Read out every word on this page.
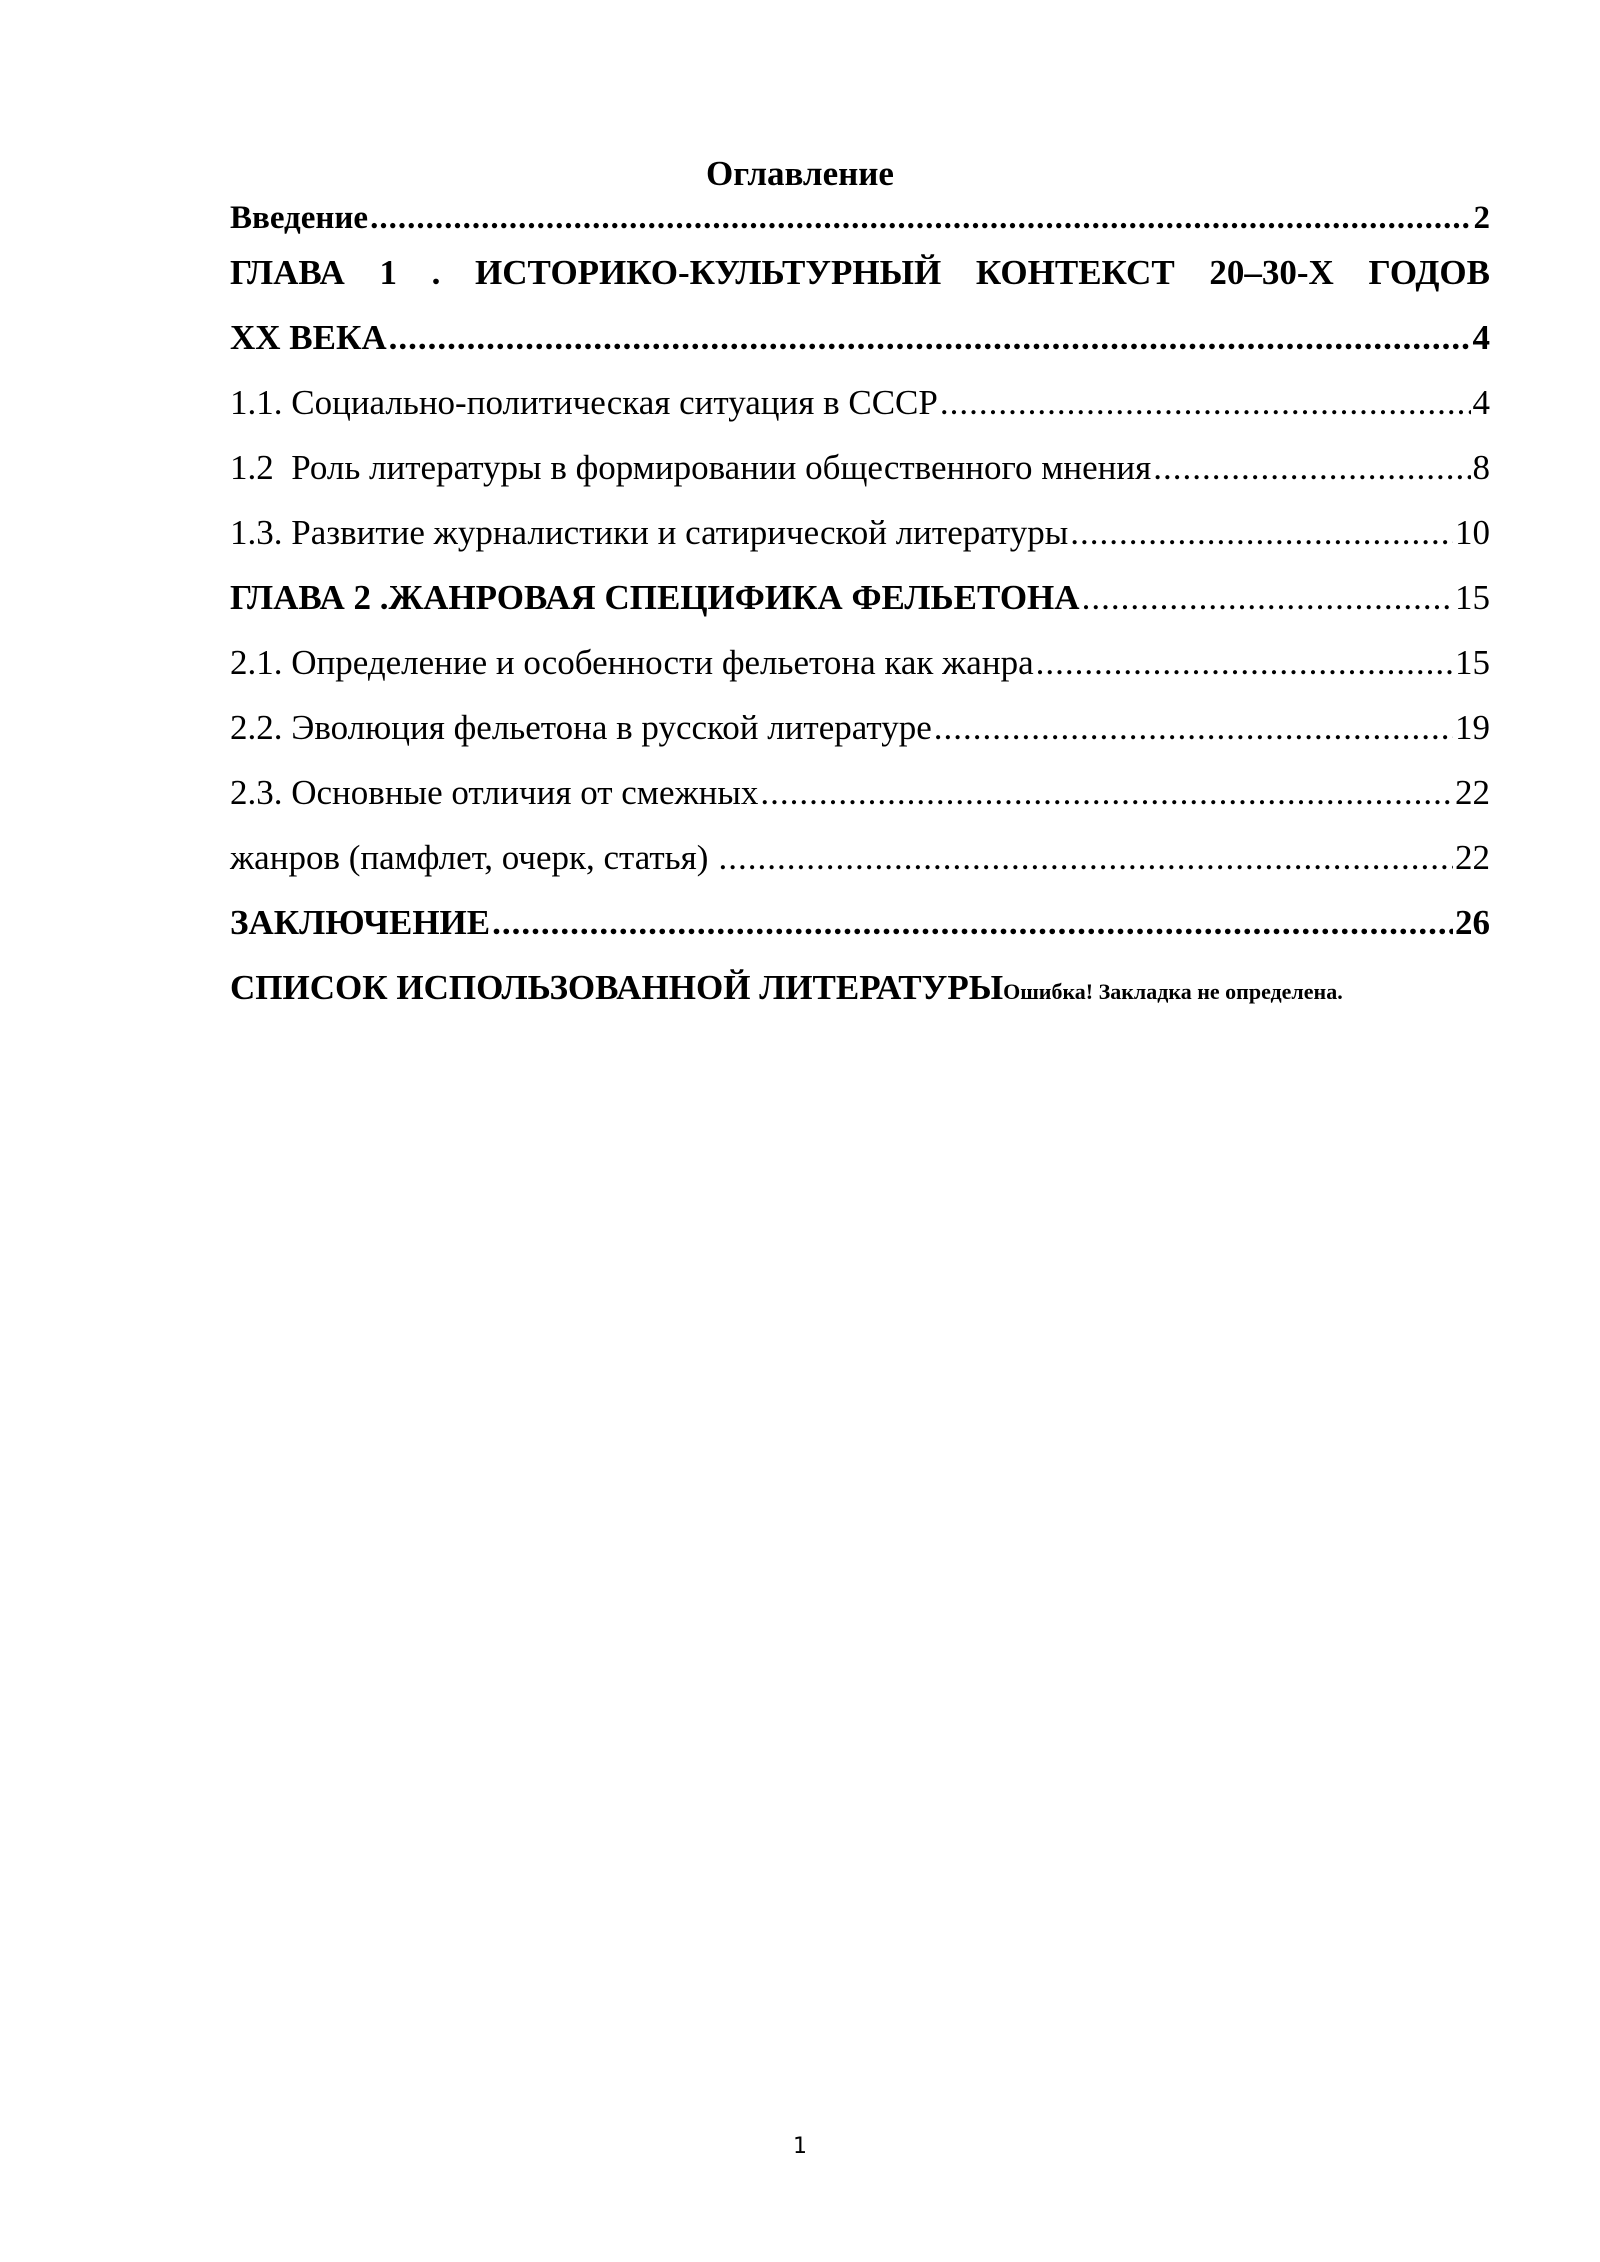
Оглавление
Введение .....	2
ГЛАВА 1 . ИСТОРИКО-КУЛЬТУРНЫЙ КОНТЕКСТ 20–30-Х ГОДОВ
XX ВЕКА .....	4
1.1. Социально-политическая ситуация в СССР .....	4
1.2  Роль литературы в формировании общественного мнения .....	8
1.3. Развитие журналистики и сатирической литературы .....	10
ГЛАВА 2 .ЖАНРОВАЯ СПЕЦИФИКА ФЕЛЬЕТОНА .....	15
2.1. Определение и особенности фельетона как жанра .....	15
2.2. Эволюция фельетона в русской литературе .....	19
2.3. Основные отличия от смежных .....	22
жанров (памфлет, очерк, статья) .....	22
ЗАКЛЮЧЕНИЕ .....	26
СПИСОК ИСПОЛЬЗОВАННОЙ ЛИТЕРАТУРЫ Ошибка! Закладка не определена.
1
